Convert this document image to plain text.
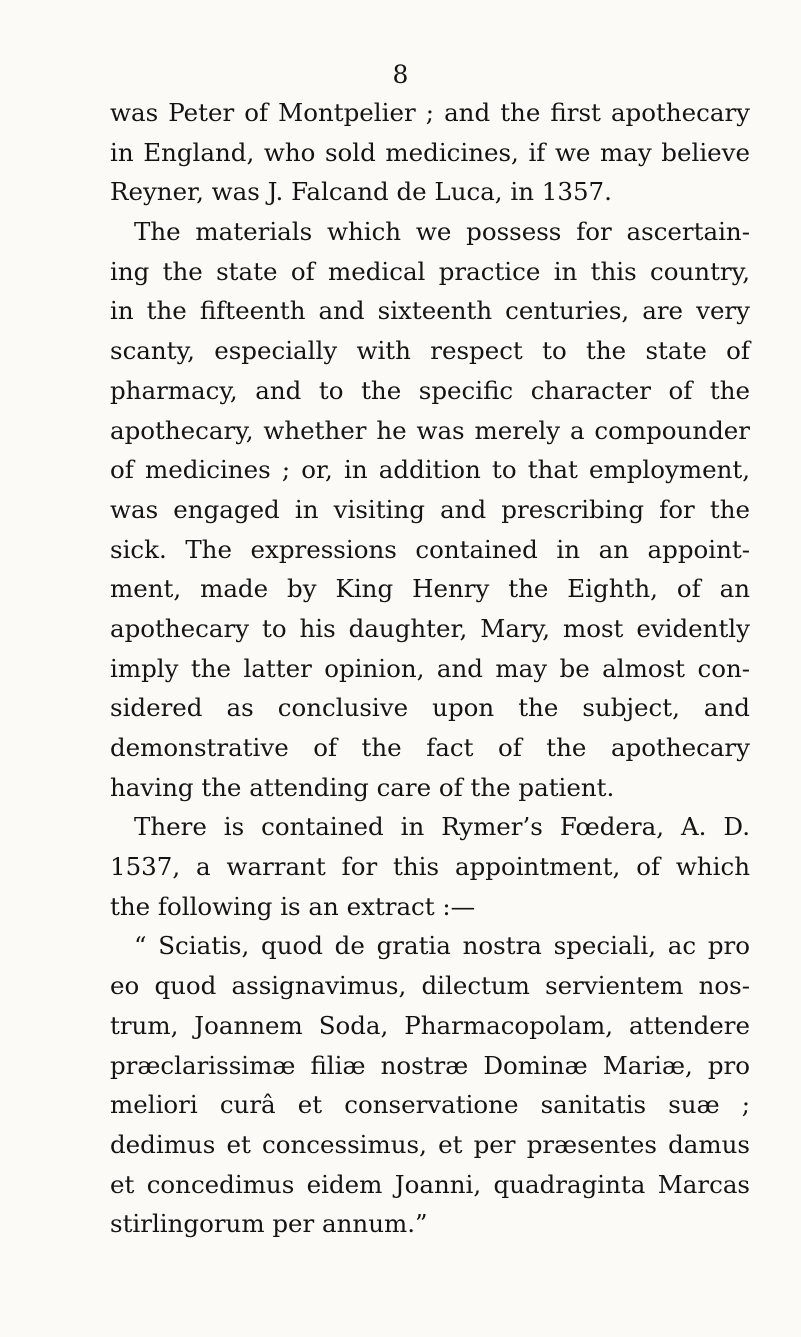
8
was Peter of Montpelier ; and the first apothecary
in England, who sold medicines, if we may believe
Reyner, was J. Falcand de Luca, in 1357.
The materials which we possess for ascertain-
ing the state of medical practice in this country,
in the fifteenth and sixteenth centuries, are very
scanty, especially with respect to the state of
pharmacy, and to the specific character of the
apothecary, whether he was merely a compounder
of medicines ; or, in addition to that employment,
was engaged in visiting and prescribing for the
sick. The expressions contained in an appoint-
ment, made by King Henry the Eighth, of an
apothecary to his daughter, Mary, most evidently
imply the latter opinion, and may be almost con-
sidered as conclusive upon the subject, and
demonstrative of the fact of the apothecary
having the attending care of the patient.
There is contained in Rymer’s Fœdera, A. D.
1537, a warrant for this appointment, of which
the following is an extract :—
“ Sciatis, quod de gratia nostra speciali, ac pro
eo quod assignavimus, dilectum servientem nos-
trum, Joannem Soda, Pharmacopolam, attendere
præclarissimæ filiæ nostræ Dominæ Mariæ, pro
meliori curâ et conservatione sanitatis suæ ;
dedimus et concessimus, et per præsentes damus
et concedimus eidem Joanni, quadraginta Marcas
stirlingorum per annum.”
